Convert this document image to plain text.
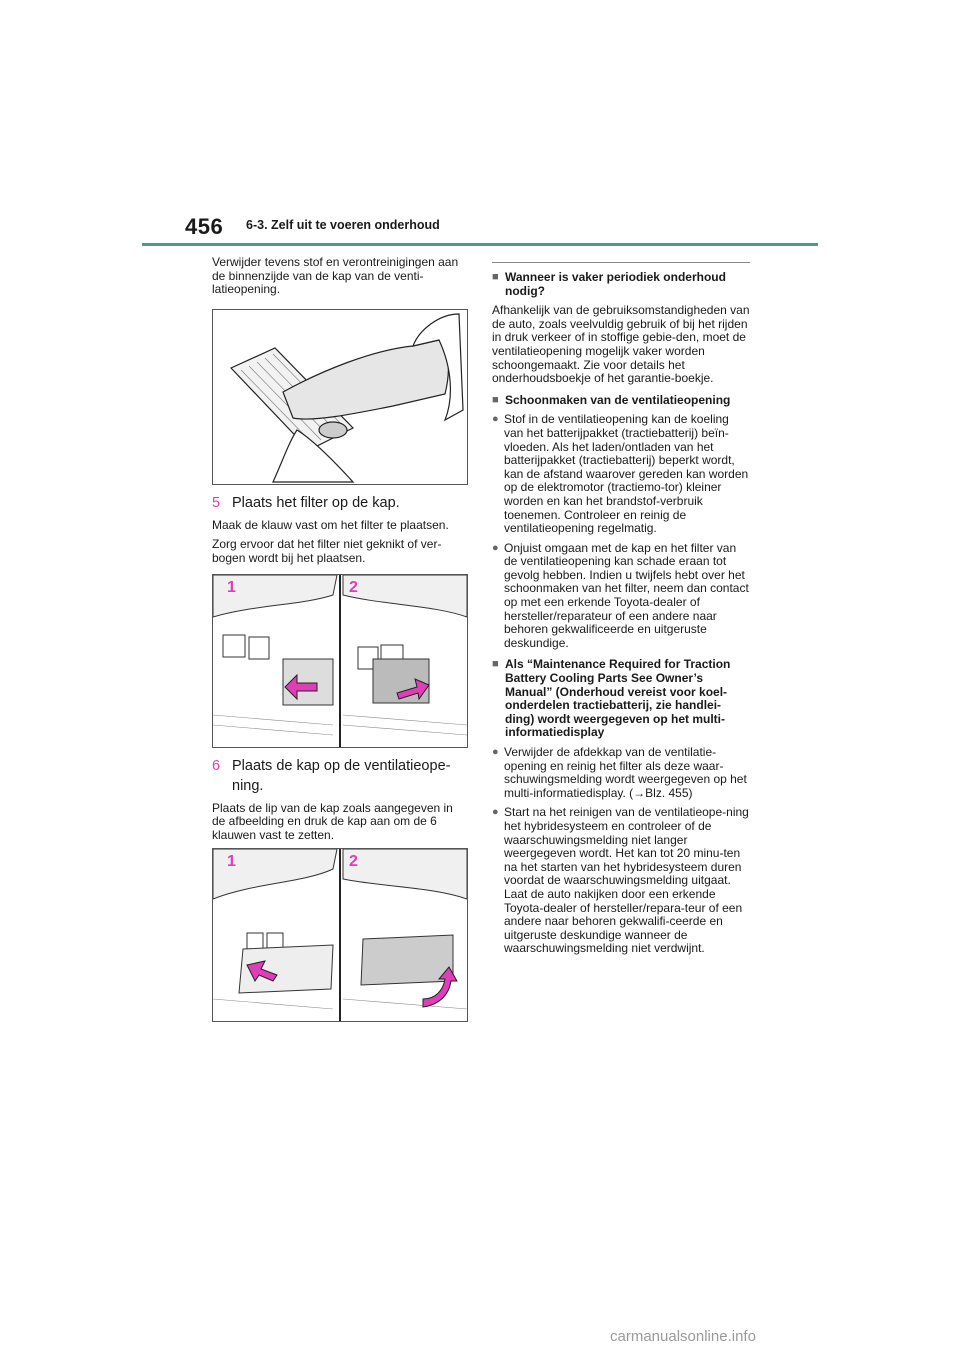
456 6-3. Zelf uit te voeren onderhoud

Verwijder tevens stof en verontreinigingen aan de binnenzijde van de kap van de venti-latieopening.

5 Plaats het filter op de kap.

Maak de klauw vast om het filter te plaatsen.

Zorg ervoor dat het filter niet geknikt of ver-bogen wordt bij het plaatsen.

1	2
6 Plaats de kap op de ventilatieope-ning.

Plaats de lip van de kap zoals aangegeven in de afbeelding en druk de kap aan om de 6 klauwen vast te zetten.

1	2
■ Wanneer is vaker periodiek onderhoud nodig?

Afhankelijk van de gebruiksomstandigheden van de auto, zoals veelvuldig gebruik of bij het rijden in druk verkeer of in stoffige gebie-den, moet de ventilatieopening mogelijk vaker worden schoongemaakt. Zie voor details het onderhoudsboekje of het garantie-boekje.

■ Schoonmaken van de ventilatieopening
● Stof in de ventilatieopening kan de koeling van het batterijpakket (tractiebatterij) beïn-vloeden. Als het laden/ontladen van het batterijpakket (tractiebatterij) beperkt wordt, kan de afstand waarover gereden kan worden op de elektromotor (tractiemo-tor) kleiner worden en kan het brandstof-verbruik toenemen. Controleer en reinig de ventilatieopening regelmatig.
● Onjuist omgaan met de kap en het filter van de ventilatieopening kan schade eraan tot gevolg hebben. Indien u twijfels hebt over het schoonmaken van het filter, neem dan contact op met een erkende Toyota-dealer of hersteller/reparateur of een andere naar behoren gekwalificeerde en uitgeruste deskundige.
■ Als “Maintenance Required for Traction Battery Cooling Parts See Owner’s Manual” (Onderhoud vereist voor koel-onderdelen tractiebatterij, zie handlei-ding) wordt weergegeven op het multi-informatiedisplay
● Verwijder de afdekkap van de ventilatie-opening en reinig het filter als deze waar-schuwingsmelding wordt weergegeven op het multi-informatiedisplay. (→Blz. 455)
● Start na het reinigen van de ventilatieope-ning het hybridesysteem en controleer of de waarschuwingsmelding niet langer weergegeven wordt. Het kan tot 20 minu-ten na het starten van het hybridesysteem duren voordat de waarschuwingsmelding uitgaat. Laat de auto nakijken door een erkende Toyota-dealer of hersteller/repara-teur of een andere naar behoren gekwalifi-ceerde en uitgeruste deskundige wanneer de waarschuwingsmelding niet verdwijnt.
carmanualsonline.info
